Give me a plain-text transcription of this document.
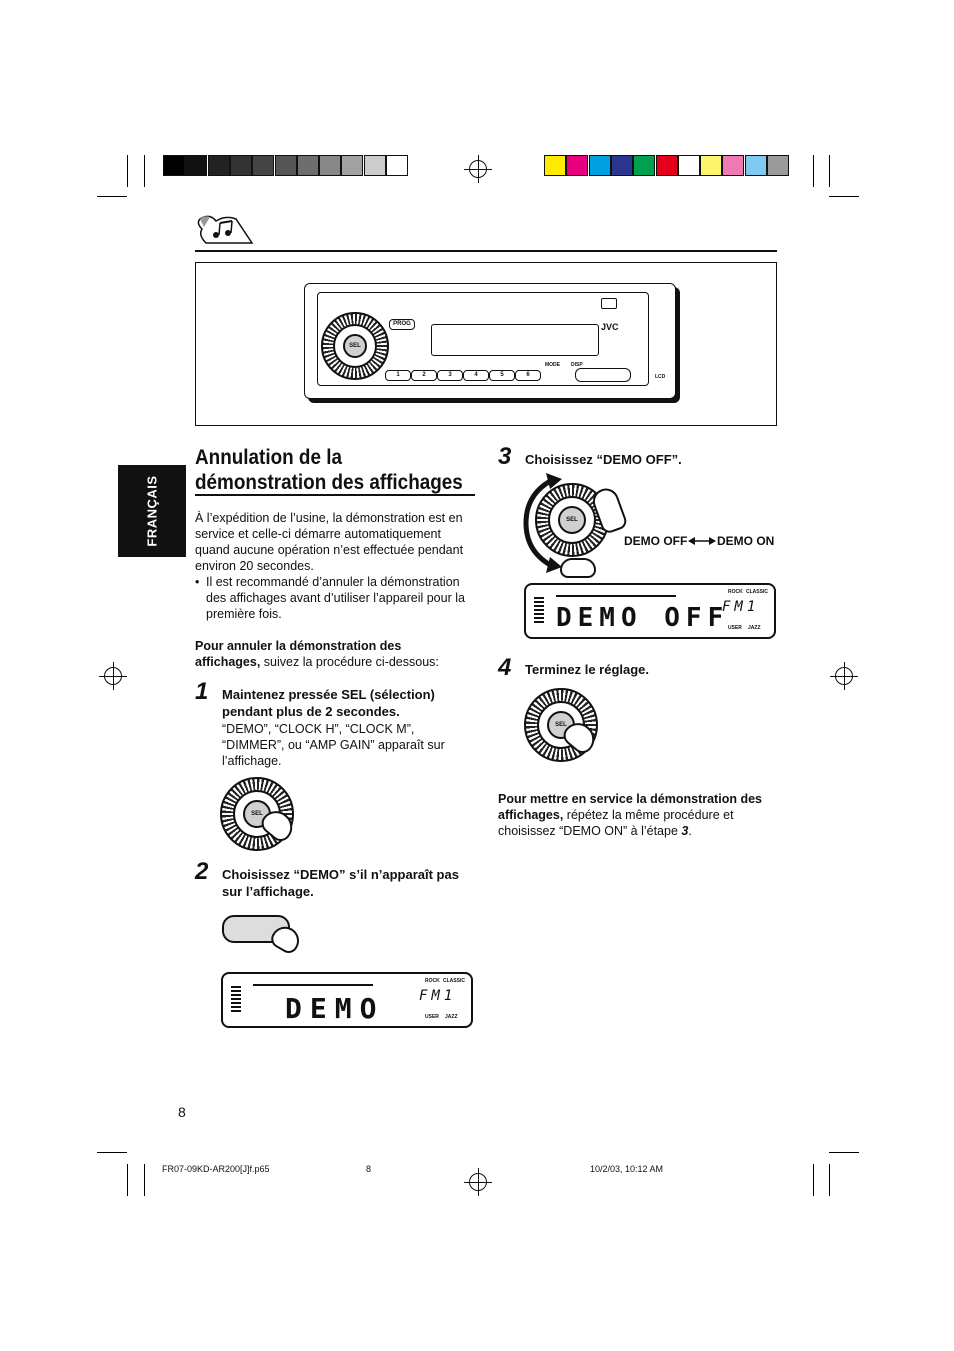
SEL
PROG	JVC
MODE DISP
1	2	3	4	5	6	LCD
FRANÇAIS
Annulation de la démonstration des affichages
À l’expédition de l’usine, la démonstration est en service et celle-ci démarre automatiquement quand aucune opération n’est effectuée pendant environ 20 secondes.
• Il est recommandé d’annuler la démonstration des affichages avant d’utiliser l’appareil pour la première fois.
Pour annuler la démonstration des affichages, suivez la procédure ci-dessous:
1 Maintenez pressée SEL (sélection) pendant plus de 2 secondes.
“DEMO”, “CLOCK H”, “CLOCK M”, “DIMMER”, ou “AMP GAIN” apparaît sur l’affichage.
SEL
2 Choisissez “DEMO” s’il n’apparaît pas sur l’affichage.
DEMO FM1
ROCK CLASSIC
USER JAZZ
3 Choisissez “DEMO OFF”.
SEL
DEMO OFF DEMO ON
DEMO OFF
FM1
ROCK CLASSIC
USER JAZZ
4 Terminez le réglage.
SEL
Pour mettre en service la démonstration des affichages, répétez la même procédure et choisissez “DEMO ON” à l’étape 3.
8
FR07-09KD-AR200[J]f.p65	8	10/2/03, 10:12 AM
